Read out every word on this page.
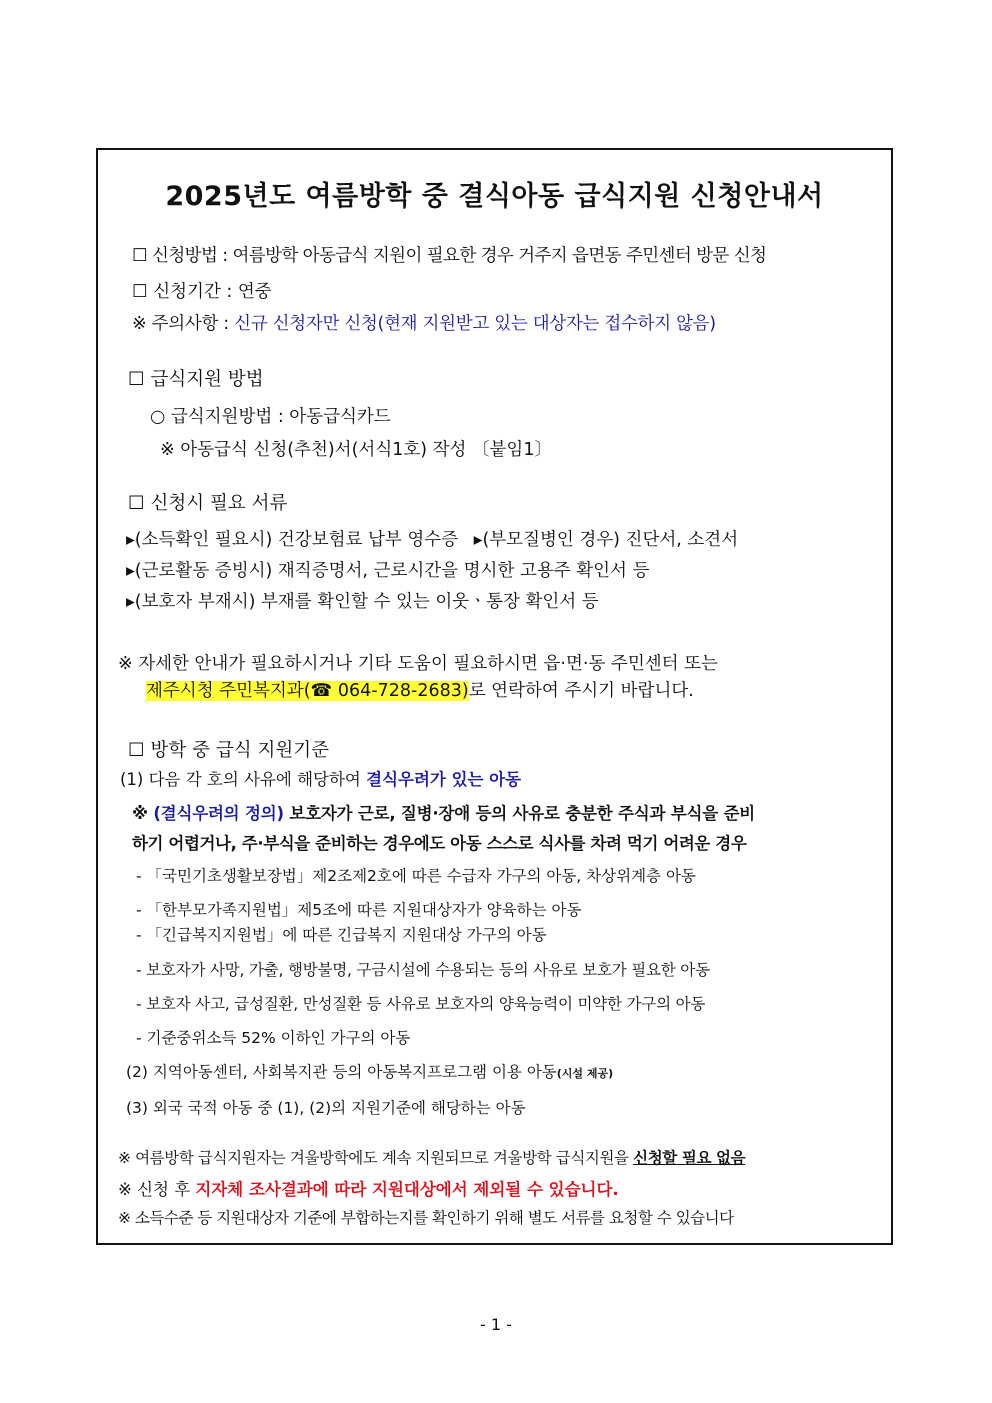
2025년도 여름방학 중 결식아동 급식지원 신청안내서
☐ 신청방법 : 여름방학 아동급식 지원이 필요한 경우 거주지 읍면동 주민센터 방문 신청
☐ 신청기간 : 연중
※ 주의사항 : 신규 신청자만 신청(현재 지원받고 있는 대상자는 접수하지 않음)
☐ 급식지원 방법
○ 급식지원방법 : 아동급식카드
※ 아동급식 신청(추천)서(서식1호) 작성 〔붙임1〕
☐ 신청시 필요 서류
▸(소득확인 필요시) 건강보험료 납부 영수증 ▸(부모질병인 경우) 진단서, 소견서
▸(근로활동 증빙시) 재직증명서, 근로시간을 명시한 고용주 확인서 등
▸(보호자 부재시) 부재를 확인할 수 있는 이웃ㆍ통장 확인서 등
※ 자세한 안내가 필요하시거나 기타 도움이 필요하시면 읍·면·동 주민센터 또는
제주시청 주민복지과(☎ 064-728-2683)로 연락하여 주시기 바랍니다.
☐ 방학 중 급식 지원기준
(1) 다음 각 호의 사유에 해당하여 결식우려가 있는 아동
※ (결식우려의 정의) 보호자가 근로, 질병·장애 등의 사유로 충분한 주식과 부식을 준비
하기 어렵거나, 주·부식을 준비하는 경우에도 아동 스스로 식사를 차려 먹기 어려운 경우
- 「국민기초생활보장법」제2조제2호에 따른 수급자 가구의 아동, 차상위계층 아동
- 「한부모가족지원법」제5조에 따른 지원대상자가 양육하는 아동
- 「긴급복지지원법」에 따른 긴급복지 지원대상 가구의 아동
- 보호자가 사망, 가출, 행방불명, 구금시설에 수용되는 등의 사유로 보호가 필요한 아동
- 보호자 사고, 급성질환, 만성질환 등 사유로 보호자의 양육능력이 미약한 가구의 아동
- 기준중위소득 52% 이하인 가구의 아동
(2) 지역아동센터, 사회복지관 등의 아동복지프로그램 이용 아동(시설 제공)
(3) 외국 국적 아동 중 (1), (2)의 지원기준에 해당하는 아동
※ 여름방학 급식지원자는 겨울방학에도 계속 지원되므로 겨울방학 급식지원을 신청할 필요 없음
※ 신청 후 지자체 조사결과에 따라 지원대상에서 제외될 수 있습니다.
※ 소득수준 등 지원대상자 기준에 부합하는지를 확인하기 위해 별도 서류를 요청할 수 있습니다
- 1 -
